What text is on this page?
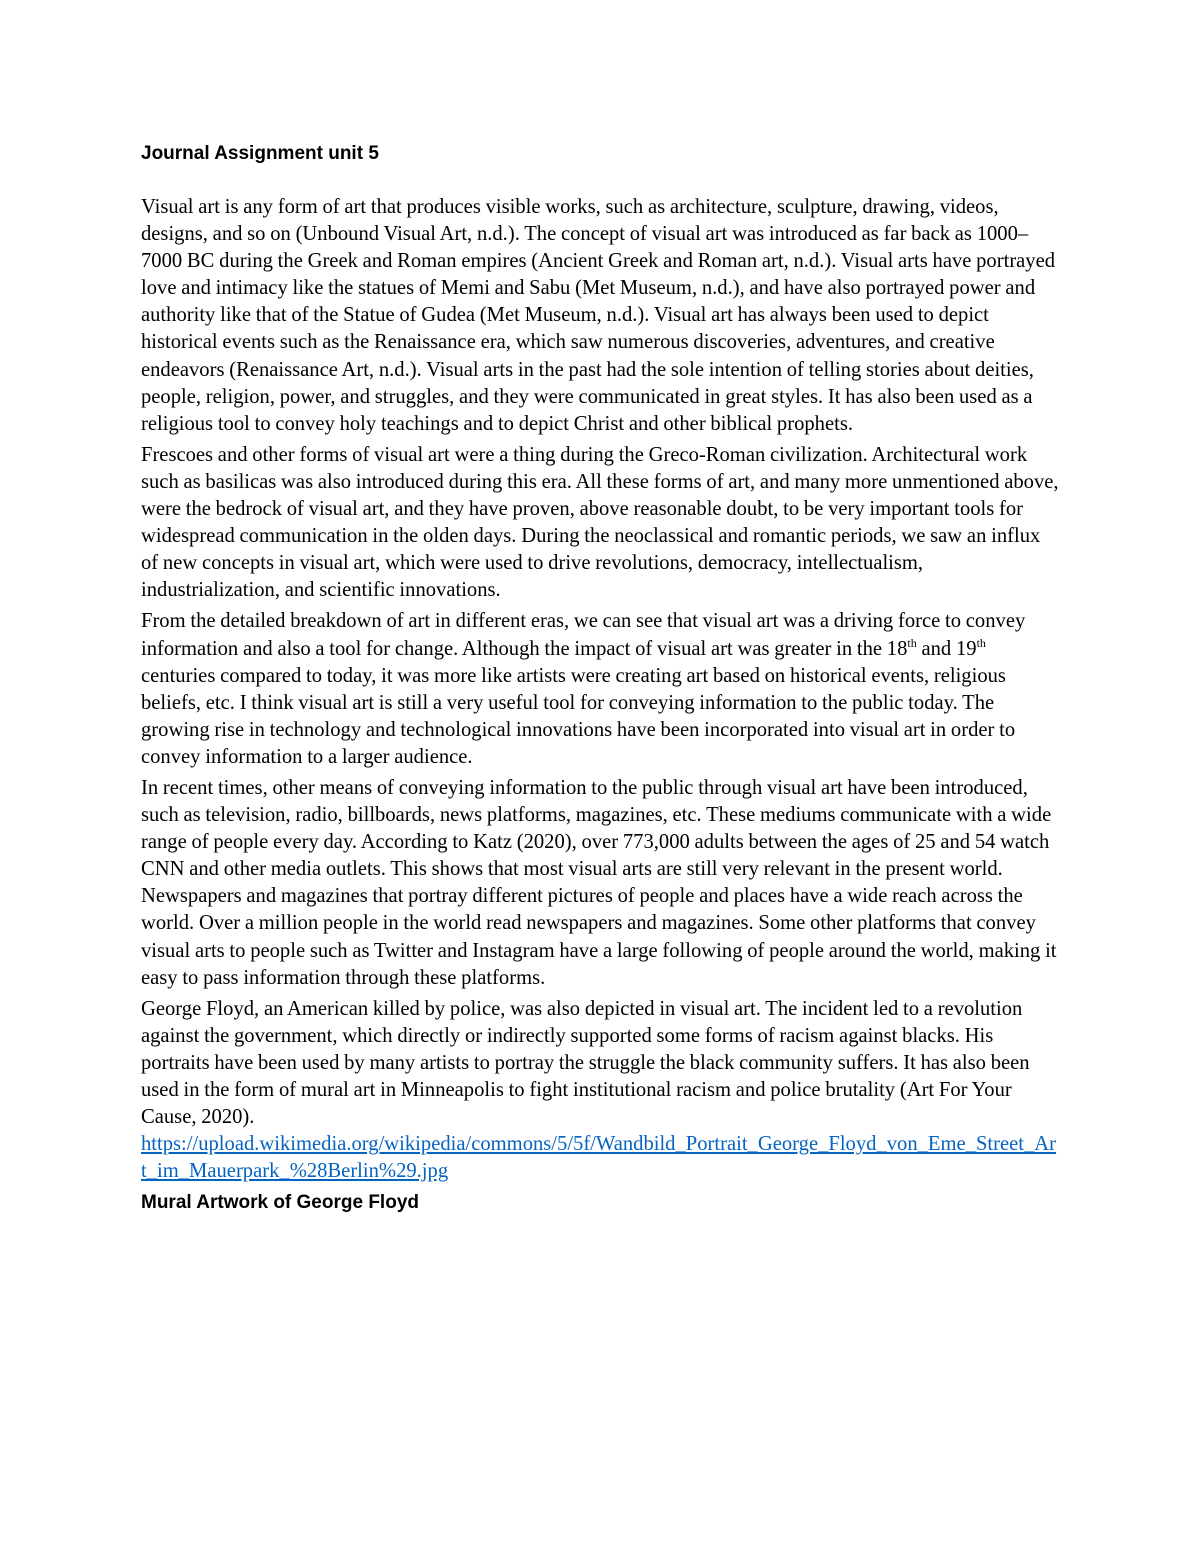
Journal Assignment unit 5

Visual art is any form of art that produces visible works, such as architecture, sculpture, drawing, videos, designs, and so on (Unbound Visual Art, n.d.). The concept of visual art was introduced as far back as 1000–7000 BC during the Greek and Roman empires (Ancient Greek and Roman art, n.d.). Visual arts have portrayed love and intimacy like the statues of Memi and Sabu (Met Museum, n.d.), and have also portrayed power and authority like that of the Statue of Gudea (Met Museum, n.d.). Visual art has always been used to depict historical events such as the Renaissance era, which saw numerous discoveries, adventures, and creative endeavors (Renaissance Art, n.d.). Visual arts in the past had the sole intention of telling stories about deities, people, religion, power, and struggles, and they were communicated in great styles. It has also been used as a religious tool to convey holy teachings and to depict Christ and other biblical prophets.

Frescoes and other forms of visual art were a thing during the Greco-Roman civilization. Architectural work such as basilicas was also introduced during this era. All these forms of art, and many more unmentioned above, were the bedrock of visual art, and they have proven, above reasonable doubt, to be very important tools for widespread communication in the olden days. During the neoclassical and romantic periods, we saw an influx of new concepts in visual art, which were used to drive revolutions, democracy, intellectualism, industrialization, and scientific innovations.

From the detailed breakdown of art in different eras, we can see that visual art was a driving force to convey information and also a tool for change. Although the impact of visual art was greater in the 18th and 19th centuries compared to today, it was more like artists were creating art based on historical events, religious beliefs, etc. I think visual art is still a very useful tool for conveying information to the public today. The growing rise in technology and technological innovations have been incorporated into visual art in order to convey information to a larger audience.

In recent times, other means of conveying information to the public through visual art have been introduced, such as television, radio, billboards, news platforms, magazines, etc. These mediums communicate with a wide range of people every day. According to Katz (2020), over 773,000 adults between the ages of 25 and 54 watch CNN and other media outlets. This shows that most visual arts are still very relevant in the present world. Newspapers and magazines that portray different pictures of people and places have a wide reach across the world. Over a million people in the world read newspapers and magazines. Some other platforms that convey visual arts to people such as Twitter and Instagram have a large following of people around the world, making it easy to pass information through these platforms.

George Floyd, an American killed by police, was also depicted in visual art. The incident led to a revolution against the government, which directly or indirectly supported some forms of racism against blacks. His portraits have been used by many artists to portray the struggle the black community suffers. It has also been used in the form of mural art in Minneapolis to fight institutional racism and police brutality (Art For Your Cause, 2020).

https://upload.wikimedia.org/wikipedia/commons/5/5f/Wandbild_Portrait_George_Floyd_von_Eme_Street_Art_im_Mauerpark_%28Berlin%29.jpg
Mural Artwork of George Floyd
